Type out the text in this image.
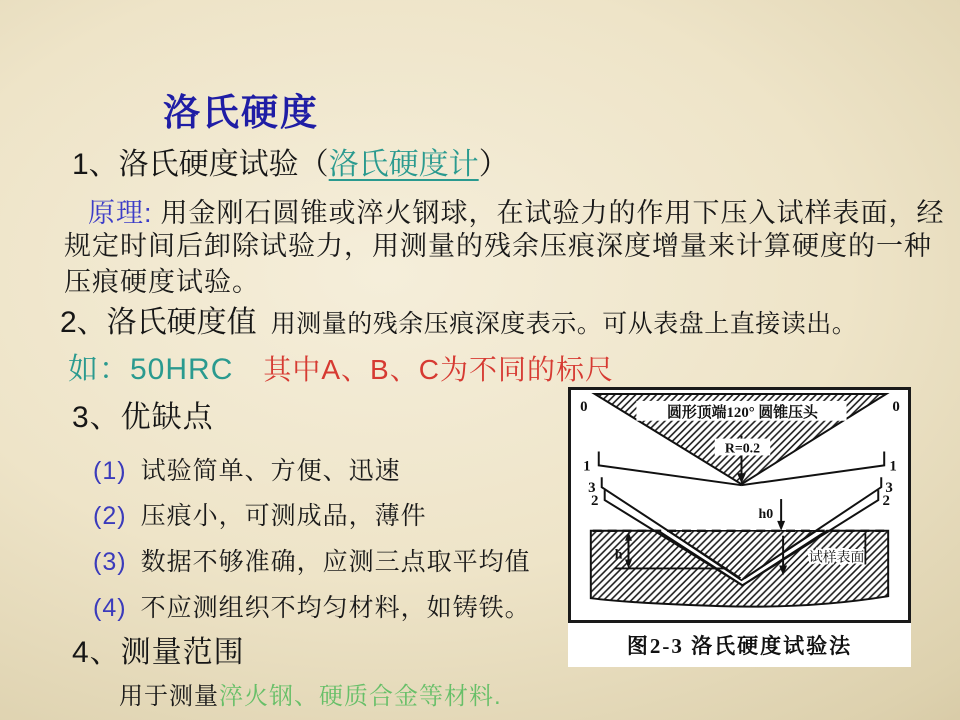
洛氏硬度
1、洛氏硬度试验（洛氏硬度计）
原理: 用金刚石圆锥或淬火钢球，在试验力的作用下压入试样表面，经
规定时间后卸除试验力，用测量的残余压痕深度增量来计算硬度的一种
压痕硬度试验。
2、洛氏硬度值 用测量的残余压痕深度表示。可从表盘上直接读出。
如：50HRC 其中A、B、C为不同的标尺
3、优缺点
(1) 试验简单、方便、迅速
(2) 压痕小，可测成品，薄件
(3) 数据不够准确，应测三点取平均值
(4) 不应测组织不均匀材料，如铸铁。
4、测量范围
用于测量淬火钢、硬质合金等材料.
圆形顶端120° 圆锥压头
R=0.2
h0
h	试样表面
0
1
3
2
0
1
3
2
图2-3 洛氏硬度试验法
